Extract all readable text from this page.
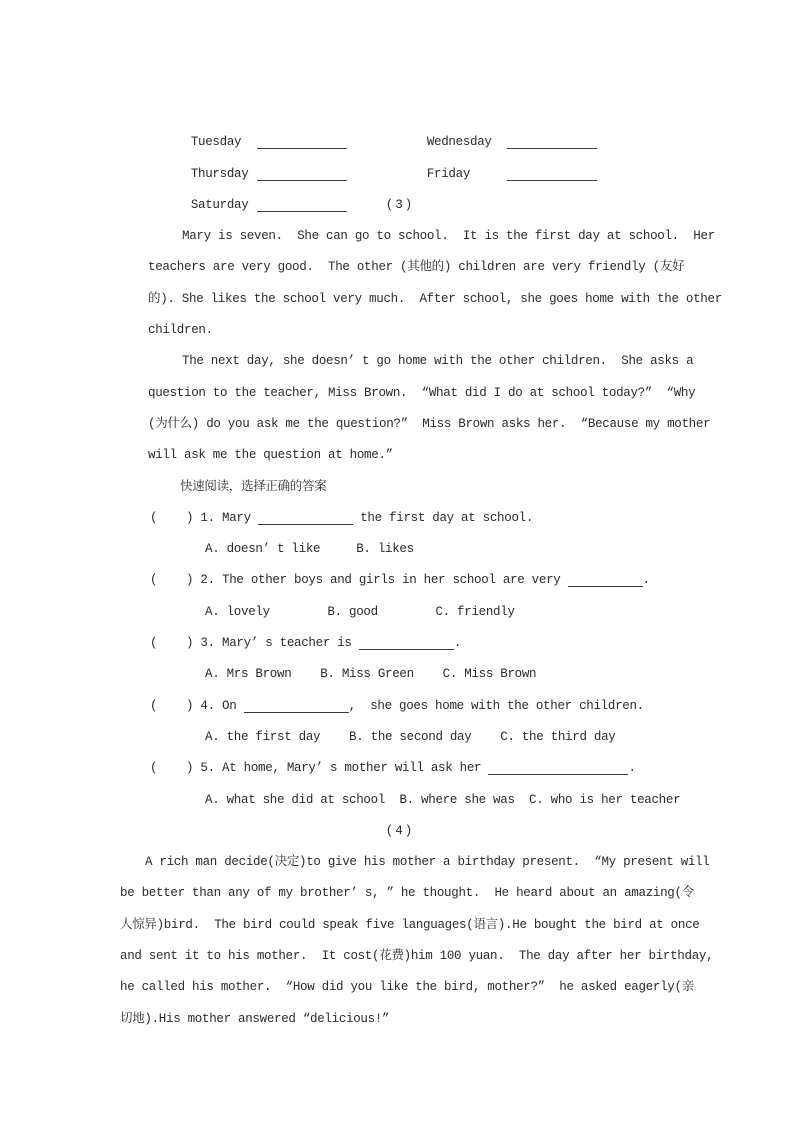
Tuesday	Wednesday

Thursday	Friday

Saturday
	(3)
Mary is seven.  She can go to school.  It is the first day at school.  Her
teachers are very good.  The other (其他的) children are very friendly (友好
的). She likes the school very much.  After school, she goes home with the other
children.
The next day, she doesn’ t go home with the other children.  She asks a
question to the teacher, Miss Brown.  “What did I do at school today?”  “Why
(为什么) do you ask me the question?”  Miss Brown asks her.  “Because my mother
will ask me the question at home.”
快速阅读，选择正确的答案
(    ) 1. Mary	the first day at school.
A. doesn’ t like     B. likes
(    ) 2. The other boys and girls in her school are very	.
A. lovely        B. good        C. friendly
(    ) 3. Mary’ s teacher is	.
A. Mrs Brown    B. Miss Green    C. Miss Brown
(    ) 4. On	,  she goes home with the other children.
A. the first day    B. the second day    C. the third day
(    ) 5. At home, Mary’ s mother will ask her	.
A. what she did at school  B. where she was  C. who is her teacher
(4)
A rich man decide(决定)to give his mother a birthday present.  “My present will
be better than any of my brother’ s, ” he thought.  He heard about an amazing(令
人惊异)bird.  The bird could speak five languages(语言).He bought the bird at once
and sent it to his mother.  It cost(花费)him 100 yuan.  The day after her birthday,
he called his mother.  “How did you like the bird, mother?”  he asked eagerly(亲
切地).His mother answered “delicious!”
